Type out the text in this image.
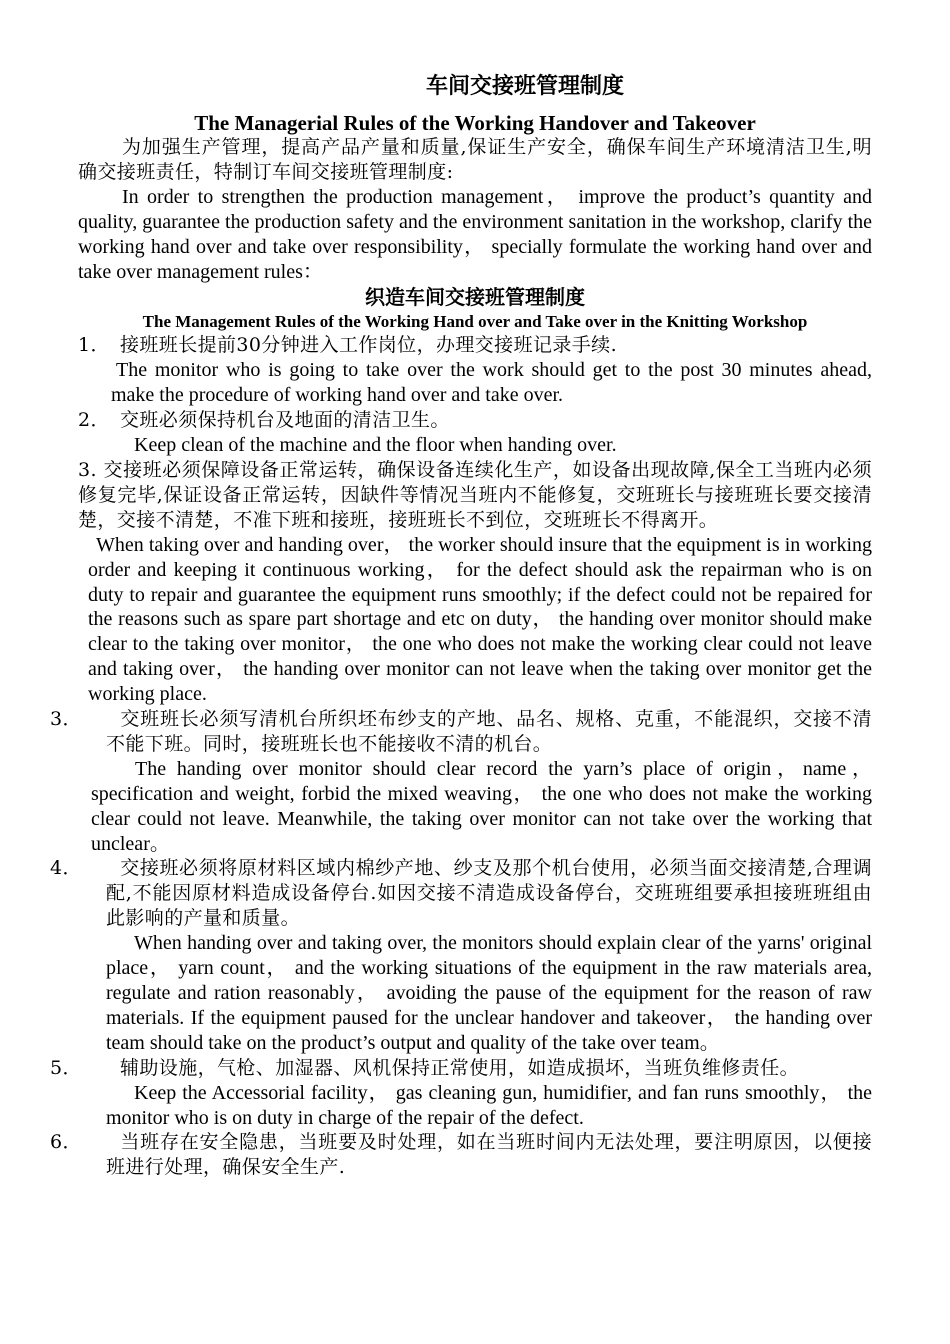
车间交接班管理制度
The Managerial Rules of the Working Handover and Takeover

为加强生产管理，提高产品产量和质量,保证生产安全，确保车间生产环境清洁卫生,明确交接班责任，特制订车间交接班管理制度:

In order to strengthen the production management， improve the product’s quantity and quality, guarantee the production safety and the environment sanitation in the workshop, clarify the working hand over and take over responsibility， specially formulate the working hand over and take over management rules：

织造车间交接班管理制度
The Management Rules of the Working Hand over and Take over in the Knitting Workshop

1． 接班班长提前30分钟进入工作岗位，办理交接班记录手续.

The monitor who is going to take over the work should get to the post 30 minutes ahead, make the procedure of working hand over and take over.

2． 交班必须保持机台及地面的清洁卫生。

Keep clean of the machine and the floor when handing over.

3. 交接班必须保障设备正常运转，确保设备连续化生产，如设备出现故障,保全工当班内必须修复完毕,保证设备正常运转，因缺件等情况当班内不能修复，交班班长与接班班长要交接清楚，交接不清楚，不准下班和接班，接班班长不到位，交班班长不得离开。

When taking over and handing over， the worker should insure that the equipment is in working order and keeping it continuous working， for the defect should ask the repairman who is on duty to repair and guarantee the equipment runs smoothly; if the defect could not be repaired for the reasons such as spare part shortage and etc on duty， the handing over monitor should make clear to the taking over monitor， the one who does not make the working clear could not leave and taking over， the handing over monitor can not leave when the taking over monitor get the working place.

3． 交班班长必须写清机台所织坯布纱支的产地、品名、规格、克重，不能混织，交接不清不能下班。同时，接班班长也不能接收不清的机台。

The handing over monitor should clear record the yarn’s place of origin，name， specification and weight, forbid the mixed weaving， the one who does not make the working clear could not leave. Meanwhile, the taking over monitor can not take over the working that unclear。

4． 交接班必须将原材料区域内棉纱产地、纱支及那个机台使用，必须当面交接清楚,合理调配,不能因原材料造成设备停台.如因交接不清造成设备停台，交班班组要承担接班班组由此影响的产量和质量。

When handing over and taking over, the monitors should explain clear of the yarns' original place， yarn count， and the working situations of the equipment in the raw materials area, regulate and ration reasonably， avoiding the pause of the equipment for the reason of raw materials. If the equipment paused for the unclear handover and takeover， the handing over team should take on the product’s output and quality of the take over team。

5． 辅助设施，气枪、加湿器、风机保持正常使用，如造成损坏，当班负维修责任。

Keep the Accessorial facility， gas cleaning gun, humidifier, and fan runs smoothly， the monitor who is on duty in charge of the repair of the defect.

6． 当班存在安全隐患，当班要及时处理，如在当班时间内无法处理，要注明原因，以便接班进行处理，确保安全生产.
